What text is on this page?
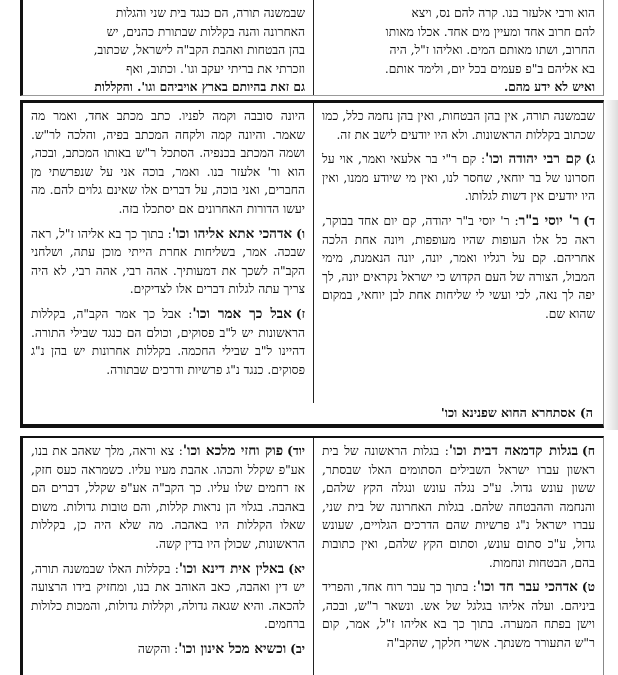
הוא ורבי אלעזר בנו. קרה להם נס, ויצא
להם חרוב אחד ומעיין מים אחד. אכלו מאותו
החרוב, ושתו מאותם המים. ואליהו ז"ל, היה
בא אליהם ב"פ פעמים בכל יום, ולימד אותם.
ואיש לא ידע מהם.
שבמשנה תורה, הם כנגד בית שני והגלות
האחרונה והנה בקללות שבתורת כהנים, יש
בהן הבטחות ואהבת הקב"ה לישראל, שכתוב,
וזכרתי את בריתי יעקב וגו'. וכתוב, ואף
גם זאת בהיותם בארץ אויביהם וגו'. והקללות
שבמשנה תורה, אין בהן הבטחות, ואין בהן נחמה כלל, כמו שכתוב בקללות הראשונות. ולא היו יודעים לישב את זה.
ג)קם רבי יהודה וכו': קם ר"י בר אלעאי ואמר, אוי על חסרונו של בר יוחאי, שחסר לנו, ואין מי שיודע ממנו, ואין היו יודעים אין דשות לגלותו.
ד)ר' יוסי ב"ר: ר' יוסי ב"ר יהודה, קם יום אחד בבוקר, ראה כל אלו העופות שהיו מעופפות, ויונה אחת הלכה אחריהם. קם על רגליו ואמר, יונה, יונה הנאמנת, מימי המבול, הצורה של העם הקדוש כי ישראל נקראים יונה, לך יפה לך נאה, לכי ועשי לי שליחות אחת לבן יוחאי, במקום שהוא שם.
היונה סובבה וקמה לפניו. כתב מכתב אחד, ואמר מה שאמר. והיונה קמה ולקחה המכתב בפיה, והלכה לר"ש. ושמה המכתב בכנפיה. הסתכל ר"ש באותו המכתב, ובכה, הוא ור' אלעזר בנו. ואמר, בוכה אני על שנפרשתי מן החברים, ואני בוכה, על דברים אלו שאינם גלוים להם. מה יעשו הדורות האחרונים אם יסתכלו בזה.
ו)אדהכי אתא אליהו וכו': בתוך כך בא אליהו ז"ל, ראה שבכה. אמר, בשליחות אחרת הייתי מוכן עתה, ושלחני הקב"ה לשכך את דמעותיך. אהה רבי, אהה רבי, לא היה צריך עתה לגלות דברים אלו לצדיקים.
ז)אבל כך אמר וכו': אבל כך אמר הקב"ה, בקללות הראשונות יש ל"ב פסוקים, וכולם הם כנגד שבילי התורה. דהיינו ל"ב שבילי החכמה. בקללות אחרונות יש בהן נ"ג פסוקים. כנגד נ"ג פרשיות ודרכים שבתורה.
ה) אסתחרא החוא שפנינא וכו'
ח)בגלות קדמאה דבית וכו': בגלות הראשונה של בית ראשון עברו ישראל השבילים הסתומים האלו שבסתר, ששון עונש גדול. ע"כ נגלה עונש ונגלה הקץ שלהם, והנחמה וההבטחה שלהם. בגלות האחרונה של בית שני, עברו ישראל נ"ג פרשיות שהם הדרכים הגלויים, שעונש גדול, ע"כ סתום עונש, וסתום הקץ שלהם, ואין כתובות בהם, הבטחות ונחמות.
ט)אדהכי עבר חד וכו': בתוך כך עבר רוח אחד, והפריד ביניהם. ועלה אליהו בגלגל של אש. ונשאר ר"ש, ובכה, וישן בפתח המערה. בתוך כך בא אליהו ז"ל, אמר, קום ר"ש התעורר משנתך. אשרי חלקך, שהקב"ה
יוד)פוק וחזי מלכא וכו': צא וראה, מלך שאהב את בנו, אע"פ שקלל והכהו. אהבת מעיו עליו. כשמראה כעס חזק, אז רחמים שלו עליו. כך הקב"ה אע"פ שקלל, דברים הם באהבה. בגלוי הן נראות קללות, והם טובות גדולות. משום שאלו הקללות היו באהבה. מה שלא היה כן, בקללות הראשונות, שכולן היו בדין קשה.
יא)באלין אית דינא וכו': בקללות האלו שבמשנה תורה, יש דין ואהבה, כאב האוהב את בנו, ומחזיק בידו הרצועה להכאה. והיא שגאה גדולה, וקללות גדולות, והמכות כלולות ברחמים.
יב)וכשיא מכל אינון וכו': והקשה
